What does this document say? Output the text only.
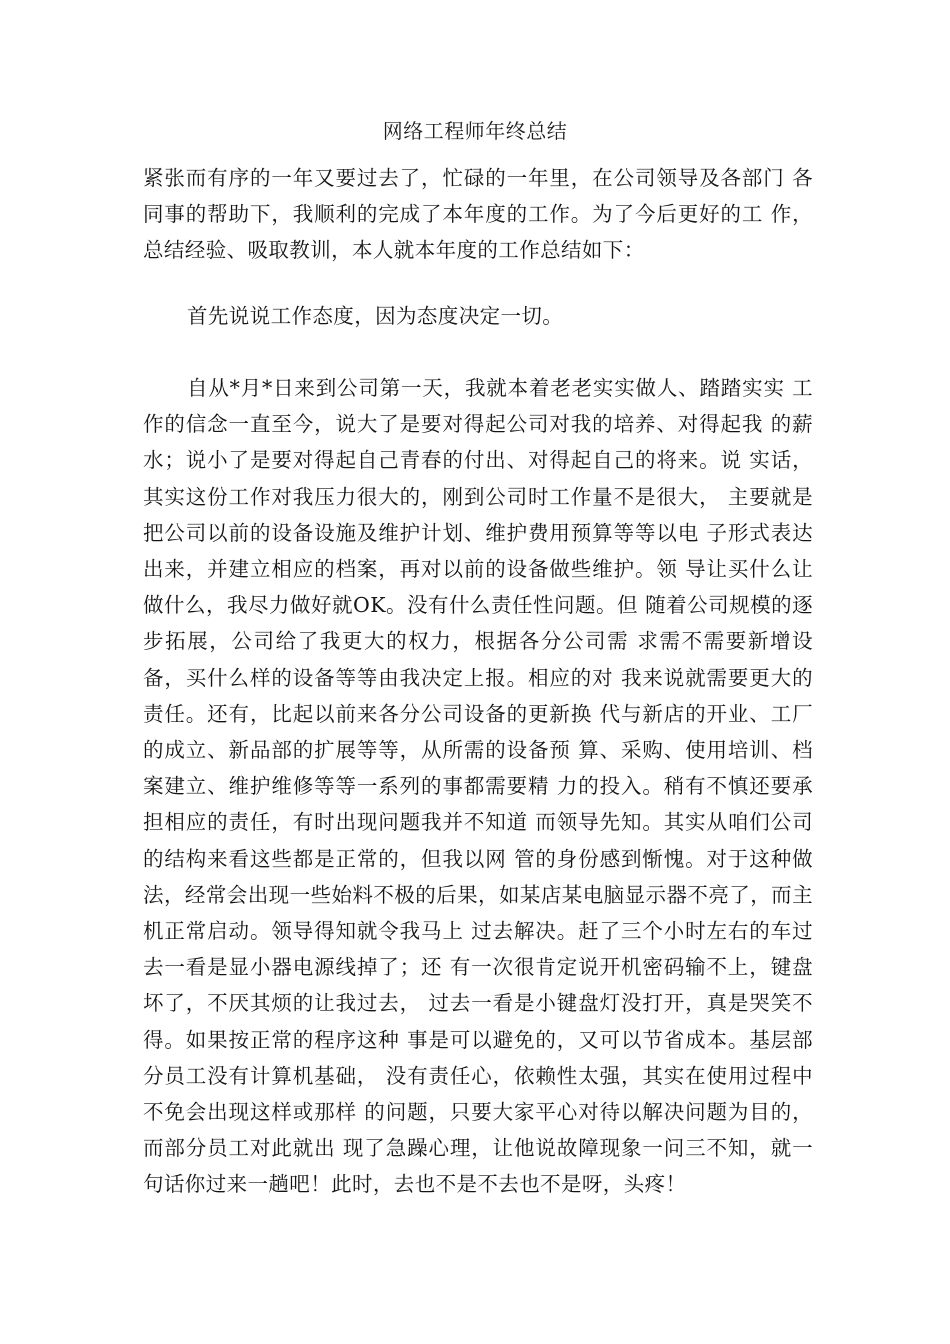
网络工程师年终总结

紧张而有序的一年又要过去了，忙碌的一年里，在公司领导及各部门 各同事的帮助下，我顺利的完成了本年度的工作。为了今后更好的工 作，总结经验、吸取教训，本人就本年度的工作总结如下：

首先说说工作态度，因为态度决定一切。

自从*月*日来到公司第一天，我就本着老老实实做人、踏踏实实 工作的信念一直至今，说大了是要对得起公司对我的培养、对得起我 的薪水；说小了是要对得起自己青春的付出、对得起自己的将来。说 实话，其实这份工作对我压力很大的，刚到公司时工作量不是很大， 主要就是把公司以前的设备设施及维护计划、维护费用预算等等以电 子形式表达出来，并建立相应的档案，再对以前的设备做些维护。领 导让买什么让做什么，我尽力做好就OK。没有什么责任性问题。但 随着公司规模的逐步拓展，公司给了我更大的权力，根据各分公司需 求需不需要新增设备，买什么样的设备等等由我决定上报。相应的对 我来说就需要更大的责任。还有，比起以前来各分公司设备的更新换 代与新店的开业、工厂的成立、新品部的扩展等等，从所需的设备预 算、采购、使用培训、档案建立、维护维修等等一系列的事都需要精 力的投入。稍有不慎还要承担相应的责任，有时出现问题我并不知道 而领导先知。其实从咱们公司的结构来看这些都是正常的，但我以网 管的身份感到惭愧。对于这种做法，经常会出现一些始料不极的后果，如某店某电脑显示器不亮了，而主机正常启动。领导得知就令我马上 过去解决。赶了三个小时左右的车过去一看是显小器电源线掉了；还 有一次很肯定说开机密码输不上，键盘坏了，不厌其烦的让我过去， 过去一看是小键盘灯没打开，真是哭笑不得。如果按正常的程序这种 事是可以避免的，又可以节省成本。基层部分员工没有计算机基础， 没有责任心，依赖性太强，其实在使用过程中不免会出现这样或那样 的问题，只要大家平心对待以解决问题为目的，而部分员工对此就出 现了急躁心理，让他说故障现象一问三不知，就一句话你过来一趟吧！此时，去也不是不去也不是呀，头疼！
